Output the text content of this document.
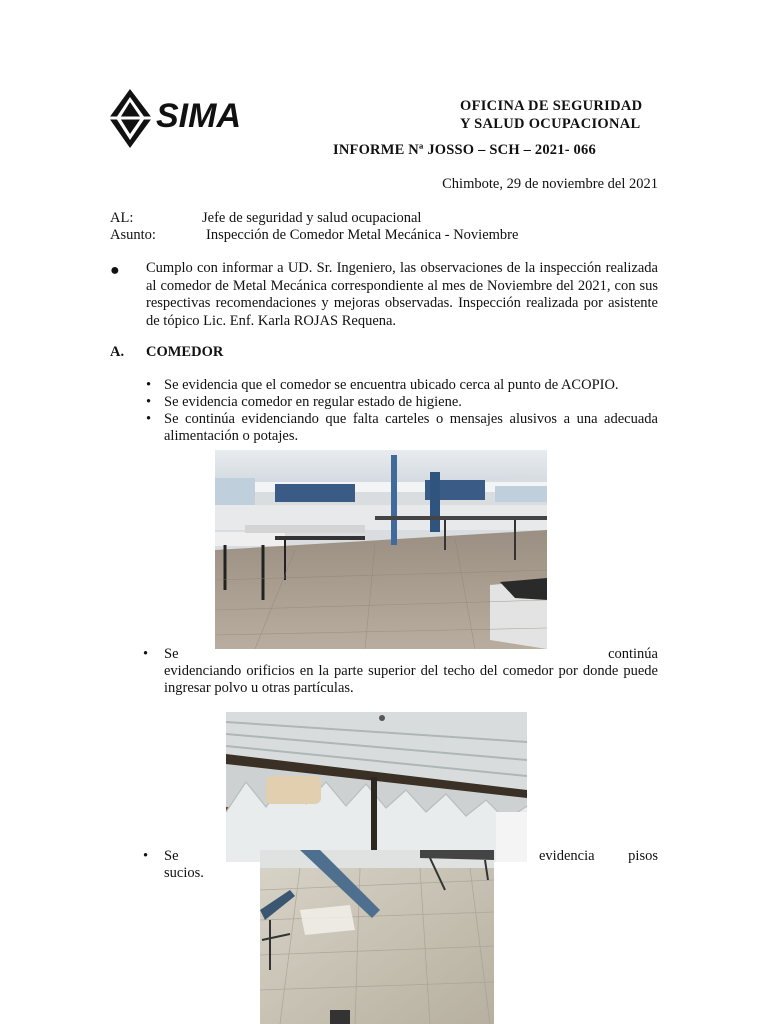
SIMA	OFICINA DE SEGURIDAD
Y SALUD OCUPACIONAL
INFORME Nª JOSSO – SCH – 2021- 066
Chimbote, 29 de noviembre del 2021
AL:	Jefe de seguridad y salud ocupacional
Asunto:	Inspección de Comedor Metal Mecánica - Noviembre
● Cumplo con informar a UD. Sr. Ingeniero, las observaciones de la inspección realizada al comedor de Metal Mecánica correspondiente al mes de Noviembre del 2021, con sus respectivas recomendaciones y mejoras observadas. Inspección realizada por asistente de tópico Lic. Enf. Karla ROJAS Requena.
A. COMEDOR
• Se evidencia que el comedor se encuentra ubicado cerca al punto de ACOPIO.
• Se evidencia comedor en regular estado de higiene.
• Se continúa evidenciando que falta carteles o mensajes alusivos a una adecuada alimentación o potajes.
• Se	continúa
evidenciando orificios en la parte superior del techo del comedor por donde puede ingresar polvo u otras partículas.
• Se	evidencia	pisos
sucios.
